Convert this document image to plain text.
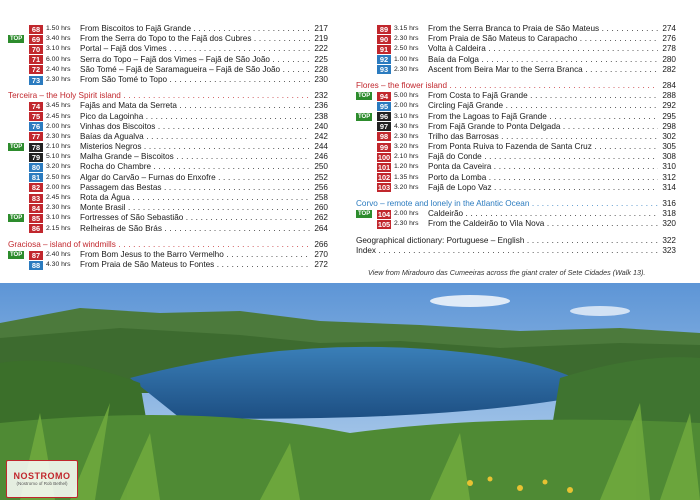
68 1.50 hrs	From Biscoitos to Fajã Grande . . .	217
TOP	69 3.40 hrs	From the Serra do Topo to the Fajã dos Cubres . . .	219
70 3.10 hrs	Portal – Fajã dos Vimes . . .	222
71 6.00 hrs	Serra do Topo – Fajã dos Vimes – Fajã de São João . . .	225
72 2.40 hrs	São Tomé – Fajã de Saramagueira – Fajã de São João . . .	228
73 2.30 hrs	From São Tomé to Topo . . .	230
Terceira – the Holy Spirit island . . .	232
74 3.45 hrs	Fajãs and Mata da Serreta . . .	236
75 2.45 hrs	Pico da Lagoinha . . .	238
76 2.00 hrs	Vinhas dos Biscoitos . . .	240
77 2.30 hrs	Baías da Agualva . . .	242
TOP	78 2.10 hrs	Misterios Negros . . .	244
79 5.10 hrs	Malha Grande – Biscoitos . . .	246
80 3.20 hrs	Rocha do Chambre . . .	250
81 2.50 hrs	Algar do Carvão – Furnas do Enxofre . . .	252
82 2.00 hrs	Passagem das Bestas . . .	256
83 2.45 hrs	Rota da Água . . .	258
84 2.30 hrs	Monte Brasil . . .	260
TOP	85 3.10 hrs	Fortresses of São Sebastião . . .	262
86 2.15 hrs	Relheiras de São Brás . . .	264
Graciosa – island of windmills . . .	266
TOP	87 2.40 hrs	From Bom Jesus to the Barro Vermelho . . .	270
88 4.30 hrs	From Praia de São Mateus to Fontes . . .	272
89 3.15 hrs	From the Serra Branca to Praia de São Mateus . . .	274
90 2.30 hrs	From Praia de São Mateus to Carapacho . . .	276
91 2.50 hrs	Volta à Caldeira . . .	278
92 1.00 hrs	Baía da Folga . . .	280
93 2.30 hrs	Ascent from Beira Mar to the Serra Branca . . .	282
Flores – the flower island . . .	284
TOP	94 5.00 hrs	From Costa to Fajã Grande . . .	288
95 2.00 hrs	Circling Fajã Grande . . .	292
TOP	96 3.10 hrs	From the Lagoas to Fajã Grande . . .	295
97 4.30 hrs	From Fajã Grande to Ponta Delgada . . .	298
98 2.30 hrs	Trilho das Barrosas . . .	302
99 3.20 hrs	From Ponta Ruiva to Fazenda de Santa Cruz . . .	305
100 2.10 hrs	Fajã do Conde . . .	308
101 1.20 hrs	Ponta da Caveira . . .	310
102 1.35 hrs	Porto da Lomba . . .	312
103 3.20 hrs	Fajã de Lopo Vaz . . .	314
Corvo – remote and lonely in the Atlantic Ocean . . .	316
TOP	104 2.00 hrs	Caldeirão . . .	318
105 2.30 hrs	From the Caldeirão to Vila Nova . . .	320
Geographical dictionary: Portuguese – English . . .	322
Index . . .	323
View from Miradouro das Cumeeiras across the giant crater of Sete Cidades (Walk 13).
NOSTROMO
(Nostromo of Rob Bethel)
